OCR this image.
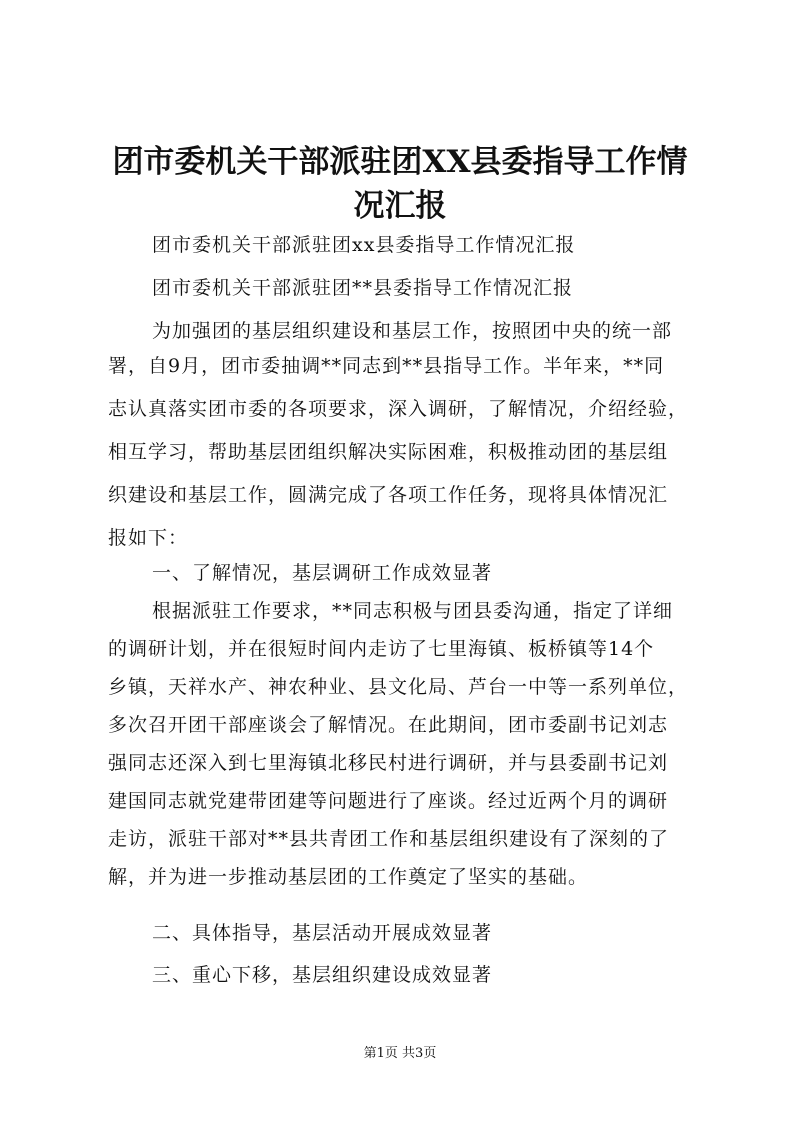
团市委机关干部派驻团XX县委指导工作情况汇报
团市委机关干部派驻团xx县委指导工作情况汇报
团市委机关干部派驻团**县委指导工作情况汇报
为加强团的基层组织建设和基层工作，按照团中央的统一部
署，自9月，团市委抽调**同志到**县指导工作。半年来，**同
志认真落实团市委的各项要求，深入调研，了解情况，介绍经验，
相互学习，帮助基层团组织解决实际困难，积极推动团的基层组
织建设和基层工作，圆满完成了各项工作任务，现将具体情况汇
报如下：
一、了解情况，基层调研工作成效显著
根据派驻工作要求，**同志积极与团县委沟通，指定了详细
的调研计划，并在很短时间内走访了七里海镇、板桥镇等14个
乡镇，天祥水产、神农种业、县文化局、芦台一中等一系列单位，
多次召开团干部座谈会了解情况。在此期间，团市委副书记刘志
强同志还深入到七里海镇北移民村进行调研，并与县委副书记刘
建国同志就党建带团建等问题进行了座谈。经过近两个月的调研
走访，派驻干部对**县共青团工作和基层组织建设有了深刻的了
解，并为进一步推动基层团的工作奠定了坚实的基础。
二、具体指导，基层活动开展成效显著
三、重心下移，基层组织建设成效显著
第1页 共3页
